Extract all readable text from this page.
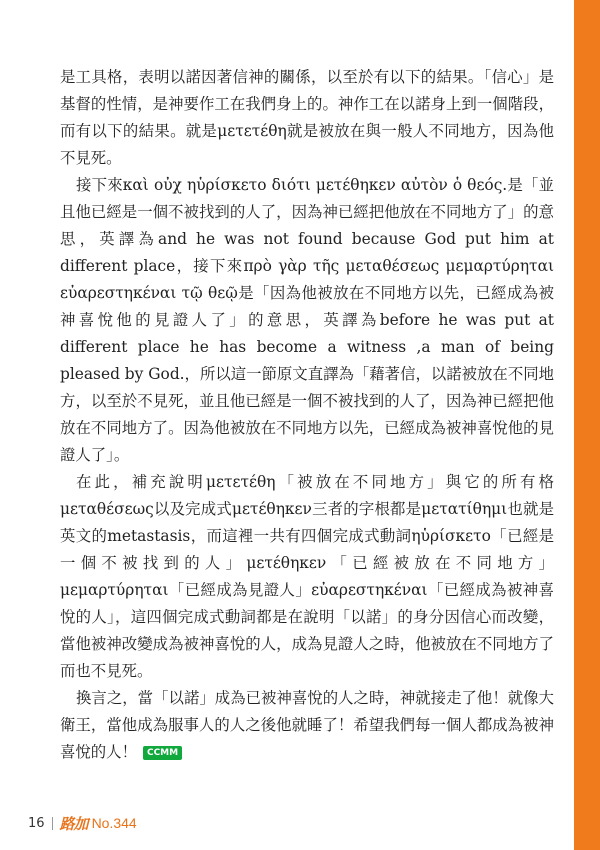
是工具格，表明以諾因著信神的關係，以至於有以下的結果。「信心」是基督的性情，是神要作工在我們身上的。神作工在以諾身上到一個階段，而有以下的結果。就是μετετέθη就是被放在與一般人不同地方，因為他不見死。

接下來καὶ οὐχ ηὑρίσκετο διότι μετέθηκεν αὐτὸν ὁ θεός.是「並且他已經是一個不被找到的人了，因為神已經把他放在不同地方了」的意思，英譯為and he was not found because God put him at different place，接下來πρὸ γὰρ τῆς μεταθέσεως μεμαρτύρηται εὐαρεστηκέναι τῷ θεῷ是「因為他被放在不同地方以先，已經成為被神喜悅他的見證人了」的意思，英譯為before he was put at different place he has become a witness ,a man of being pleased by God.，所以這一節原文直譯為「藉著信，以諾被放在不同地方，以至於不見死，並且他已經是一個不被找到的人了，因為神已經把他放在不同地方了。因為他被放在不同地方以先，已經成為被神喜悅他的見證人了」。

在此，補充說明μετετέθη「被放在不同地方」與它的所有格μεταθέσεως以及完成式μετέθηκεν三者的字根都是μετατίθημι也就是英文的metastasis，而這裡一共有四個完成式動詞ηὑρίσκετο「已經是一個不被找到的人」μετέθηκεν「已經被放在不同地方」μεμαρτύρηται「已經成為見證人」εὐαρεστηκέναι「已經成為被神喜悅的人」，這四個完成式動詞都是在說明「以諾」的身分因信心而改變，當他被神改變成為被神喜悅的人，成為見證人之時，他被放在不同地方了而也不見死。

換言之，當「以諾」成為已被神喜悅的人之時，神就接走了他！就像大衛王，當他成為服事人的人之後他就睡了！希望我們每一個人都成為被神喜悅的人！ CCMM

16 路加 No.344
